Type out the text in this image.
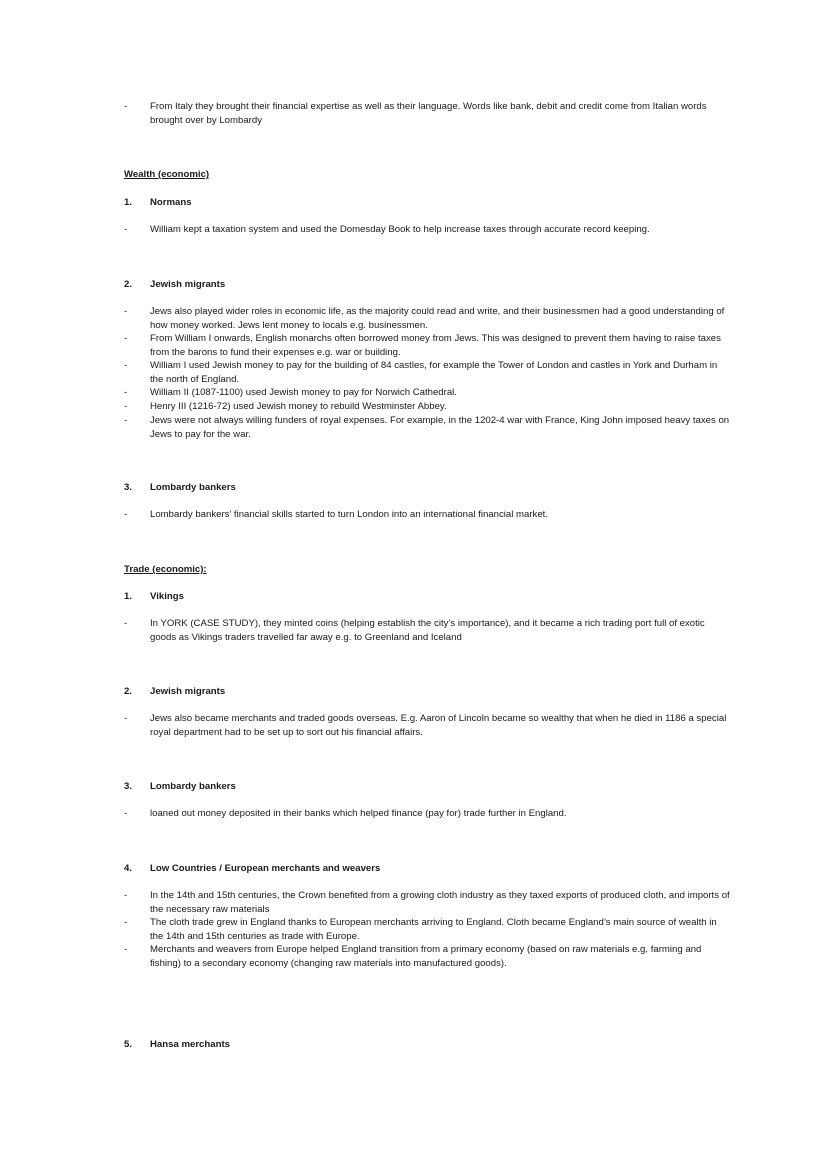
- From Italy they brought their financial expertise as well as their language. Words like bank, debit and credit come from Italian words brought over by Lombardy
Wealth (economic)
1. Normans
- William kept a taxation system and used the Domesday Book to help increase taxes through accurate record keeping.
2. Jewish migrants
- Jews also played wider roles in economic life, as the majority could read and write, and their businessmen had a good understanding of how money worked. Jews lent money to locals e.g. businessmen.
- From William I onwards, English monarchs often borrowed money from Jews. This was designed to prevent them having to raise taxes from the barons to fund their expenses e.g. war or building.
- William I used Jewish money to pay for the building of 84 castles, for example the Tower of London and castles in York and Durham in the north of England.
- William II (1087-1100) used Jewish money to pay for Norwich Cathedral.
- Henry III (1216-72) used Jewish money to rebuild Westminster Abbey.
- Jews were not always willing funders of royal expenses. For example, in the 1202-4 war with France, King John imposed heavy taxes on Jews to pay for the war.
3. Lombardy bankers
- Lombardy bankers’ financial skills started to turn London into an international financial market.
Trade (economic):
1. Vikings
- In YORK (CASE STUDY), they minted coins (helping establish the city’s importance), and it became a rich trading port full of exotic goods as Vikings traders travelled far away e.g. to Greenland and Iceland
2. Jewish migrants
- Jews also became merchants and traded goods overseas. E.g. Aaron of Lincoln became so wealthy that when he died in 1186 a special royal department had to be set up to sort out his financial affairs.
3. Lombardy bankers
- loaned out money deposited in their banks which helped finance (pay for) trade further in England.
4. Low Countries / European merchants and weavers
- In the 14th and 15th centuries, the Crown benefited from a growing cloth industry as they taxed exports of produced cloth, and imports of the necessary raw materials
- The cloth trade grew in England thanks to European merchants arriving to England. Cloth became England’s main source of wealth in the 14th and 15th centuries as trade with Europe.
- Merchants and weavers from Europe helped England transition from a primary economy (based on raw materials e.g. farming and fishing) to a secondary economy (changing raw materials into manufactured goods).
5. Hansa merchants
